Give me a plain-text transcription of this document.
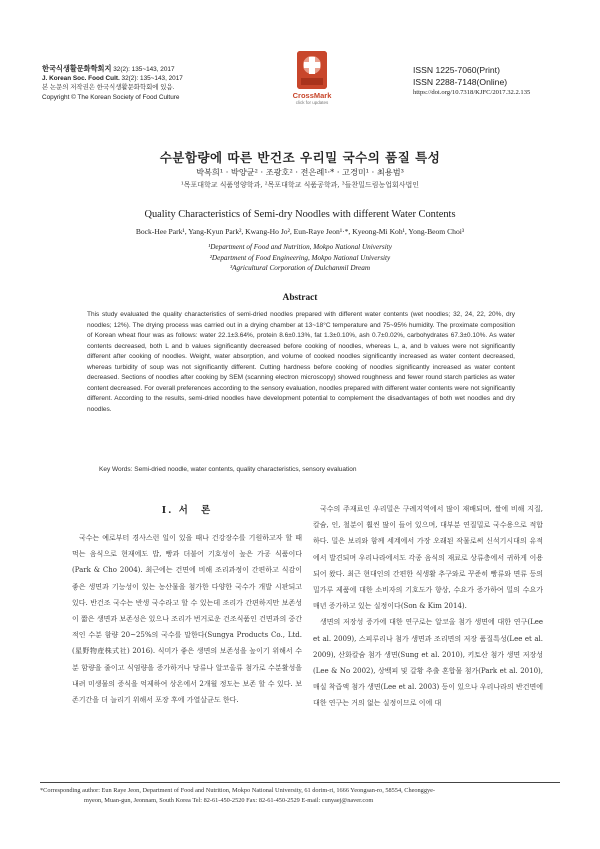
한국식생활문화학회지 32(2): 135~143, 2017
J. Korean Soc. Food Cult. 32(2): 135~143, 2017
본 논문의 저작권은 한국식생활문화학회에 있음.
Copyright © The Korean Society of Food Culture	CrossMark
click for updates
ISSN 1225-7060(Print)
ISSN 2288-7148(Online)
https://doi.org/10.7318/KJFC/2017.32.2.135
수분함량에 따른 반건조 우리밀 국수의 품질 특성
박복희¹ · 박양균² · 조광호² · 전은례¹·* · 고경미¹ · 최용범³
¹목포대학교 식품영양학과, ²목포대학교 식품공학과, ³들찬밀드림농업회사법인
Quality Characteristics of Semi-dry Noodles with different Water Contents
Bock-Hee Park¹, Yang-Kyun Park², Kwang-Ho Jo², Eun-Raye Jeon¹·*, Kyeong-Mi Koh¹, Yong-Beom Choi³
¹Department of Food and Nutrition, Mokpo National University
²Department of Food Engineering, Mokpo National University
³Agricultural Corporation of Dulchanmil Dream
Abstract
This study evaluated the quality characteristics of semi-dried noodles prepared with different water contents (wet noodles; 32, 24, 22, 20%, dry noodles; 12%). The drying process was carried out in a drying chamber at 13~18°C temperature and 75~95% humidity. The proximate composition of Korean wheat flour was as follows: water 22.1±3.64%, protein 8.6±0.13%, fat 1.3±0.10%, ash 0.7±0.02%, carbohydrates 67.3±0.10%. As water contents decreased, both L and b values significantly decreased before cooking of noodles, whereas L, a, and b values were not significantly different after cooking of noodles. Weight, water absorption, and volume of cooked noodles significantly increased as water content decreased, whereas turbidity of soup was not significantly different. Cutting hardness before cooking of noodles significantly increased as water content decreased. Sections of noodles after cooking by SEM (scanning electron microscopy) showed roughness and fewer round starch particles as water content decreased. For overall preferences according to the sensory evaluation, noodles prepared with different water contents were not significantly different. According to the results, semi-dried noodles have development potential to complement the disadvantages of both wet noodles and dry noodles.
Key Words: Semi-dried noodle, water contents, quality characteristics, sensory evaluation
Ⅰ. 서　론

국수는 예로부터 경사스런 일이 있을 때나 건강장수를 기원하고자 할 때 먹는 음식으로 현재에도 밥, 빵과 더불어 기호성이 높은 가공 식품이다(Park & Cho 2004). 최근에는 건면에 비해 조리과정이 간편하고 식감이 좋은 생면과 기능성이 있는 농산물을 첨가한 다양한 국수가 개발 시판되고 있다. 반건조 국수는 반생 국수라고 할 수 있는데 조리가 간편하지만 보존성이 짧은 생면과 보존성은 있으나 조리가 번거로운 건조식품인 건면과의 중간적인 수분 함량 20~25%의 국수를 말한다(Sungya Products Co., Ltd. (星野物産株式社) 2016). 식미가 좋은 생면의 보존성을 높이기 위해서 수분 함량을 줄이고 식염량을 증가하거나 당류나 알코올류 첨가로 수분활성을 내려 미생물의 증식을 억제하여 상온에서 2개월 정도는 보존 할 수 있다. 보존기간을 더 늘리기 위해서 포장 후에 가열살균도 한다.

국수의 주재료인 우리밀은 구례지역에서 많이 재배되며, 쌀에 비해 지질, 칼슘, 인, 철분이 훨씬 많이 들어 있으며, 대부분 연질밀로 국수용으로 적합하다. 밀은 보리와 함께 세계에서 가장 오래된 작물로써 신석기시대의 유적에서 발견되며 우리나라에서도 각종 음식의 재료로 상류층에서 귀하게 이용되어 왔다. 최근 현대인의 간편한 식생활 추구와로 꾸준히 빵류와 면류 등의 밀가루 제품에 대한 소비자의 기호도가 향상, 수요가 증가하여 밀의 수요가 매년 증가하고 있는 실정이다(Son & Kim 2014).

생면의 저장성 증가에 대한 연구로는 알코올 첨가 생면에 대한 연구(Lee et al. 2009), 스피루리나 첨가 생면과 조리면의 저장 품질특성(Lee et al. 2009), 산화칼슘 첨가 생면(Sung et al. 2010), 키토산 첨가 생면 저장성(Lee & No 2002), 상백피 및 갈황 추출 혼합물 첨가(Park et al. 2010), 매실 착즙액 첨가 생면(Lee et al. 2003) 등이 있으나 우리나라의 반건면에 대한 연구는 거의 없는 실정이므로 이에 대

*Corresponding author: Eun Raye Jeon, Department of Food and Nutrition, Mokpo National University, 61 dorim-ri, 1666 Yeongsan-ro, 58554, Cheonggye-
myeon, Muan-gun, Jeonnam, South Korea Tel: 82-61-450-2520 Fax: 82-61-450-2529 E-mail: cunyaej@naver.com
